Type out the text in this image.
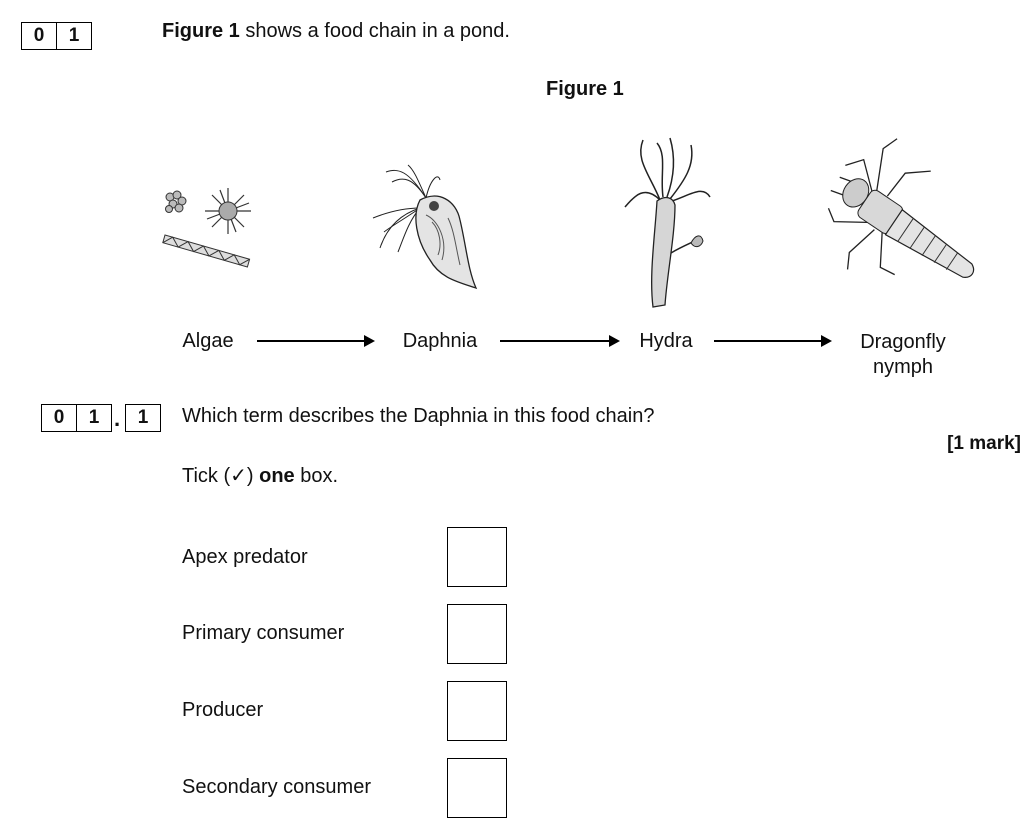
0	1	Figure 1 shows a food chain in a pond.
Figure 1
Algae	Daphnia	Hydra	Dragonfly
nymph
0	1 . 1	Which term describes the Daphnia in this food chain?
[1 mark]
Tick (✓) one box.
Apex predator
Primary consumer
Producer
Secondary consumer
